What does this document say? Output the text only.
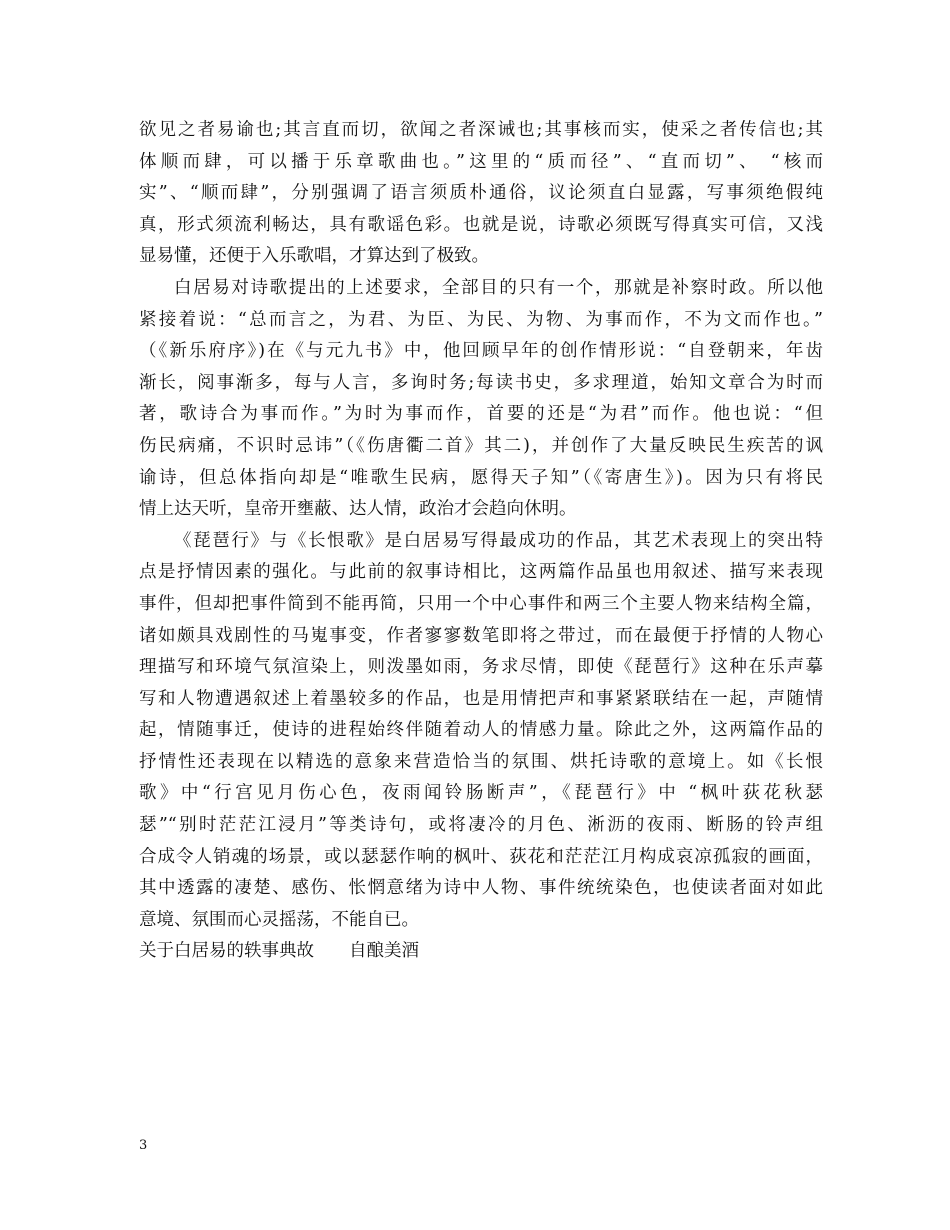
欲见之者易谕也;其言直而切，欲闻之者深诫也;其事核而实，使采之者传信也;其
体顺而肆，可以播于乐章歌曲也。”这里的“质而径”、“直而切”、 “核而
实”、“顺而肆”，分别强调了语言须质朴通俗，议论须直白显露，写事须绝假纯
真，形式须流利畅达，具有歌谣色彩。也就是说，诗歌必须既写得真实可信，又浅
显易懂，还便于入乐歌唱，才算达到了极致。
白居易对诗歌提出的上述要求，全部目的只有一个，那就是补察时政。所以他
紧接着说：“总而言之，为君、为臣、为民、为物、为事而作，不为文而作也。”
（《新乐府序》)在《与元九书》中，他回顾早年的创作情形说：“自登朝来，年齿
渐长，阅事渐多，每与人言，多询时务;每读书史，多求理道，始知文章合为时而
著，歌诗合为事而作。”为时为事而作，首要的还是“为君”而作。他也说：“但
伤民病痛，不识时忌讳”（《伤唐衢二首》其二)，并创作了大量反映民生疾苦的讽
谕诗，但总体指向却是“唯歌生民病，愿得天子知”（《寄唐生》)。因为只有将民
情上达天听，皇帝开壅蔽、达人情，政治才会趋向休明。
《琵琶行》与《长恨歌》是白居易写得最成功的作品，其艺术表现上的突出特
点是抒情因素的强化。与此前的叙事诗相比，这两篇作品虽也用叙述、描写来表现
事件，但却把事件简到不能再简，只用一个中心事件和两三个主要人物来结构全篇，
诸如颇具戏剧性的马嵬事变，作者寥寥数笔即将之带过，而在最便于抒情的人物心
理描写和环境气氛渲染上，则泼墨如雨，务求尽情，即使《琵琶行》这种在乐声摹
写和人物遭遇叙述上着墨较多的作品，也是用情把声和事紧紧联结在一起，声随情
起，情随事迁，使诗的进程始终伴随着动人的情感力量。除此之外，这两篇作品的
抒情性还表现在以精选的意象来营造恰当的氛围、烘托诗歌的意境上。如《长恨
歌》中“行宫见月伤心色，夜雨闻铃肠断声”，《琵琶行》中 “枫叶荻花秋瑟
瑟”“别时茫茫江浸月”等类诗句，或将凄冷的月色、淅沥的夜雨、断肠的铃声组
合成令人销魂的场景，或以瑟瑟作响的枫叶、荻花和茫茫江月构成哀凉孤寂的画面，
其中透露的凄楚、感伤、怅惘意绪为诗中人物、事件统统染色，也使读者面对如此
意境、氛围而心灵摇荡，不能自已。
关于白居易的轶事典故 自酿美酒
3
